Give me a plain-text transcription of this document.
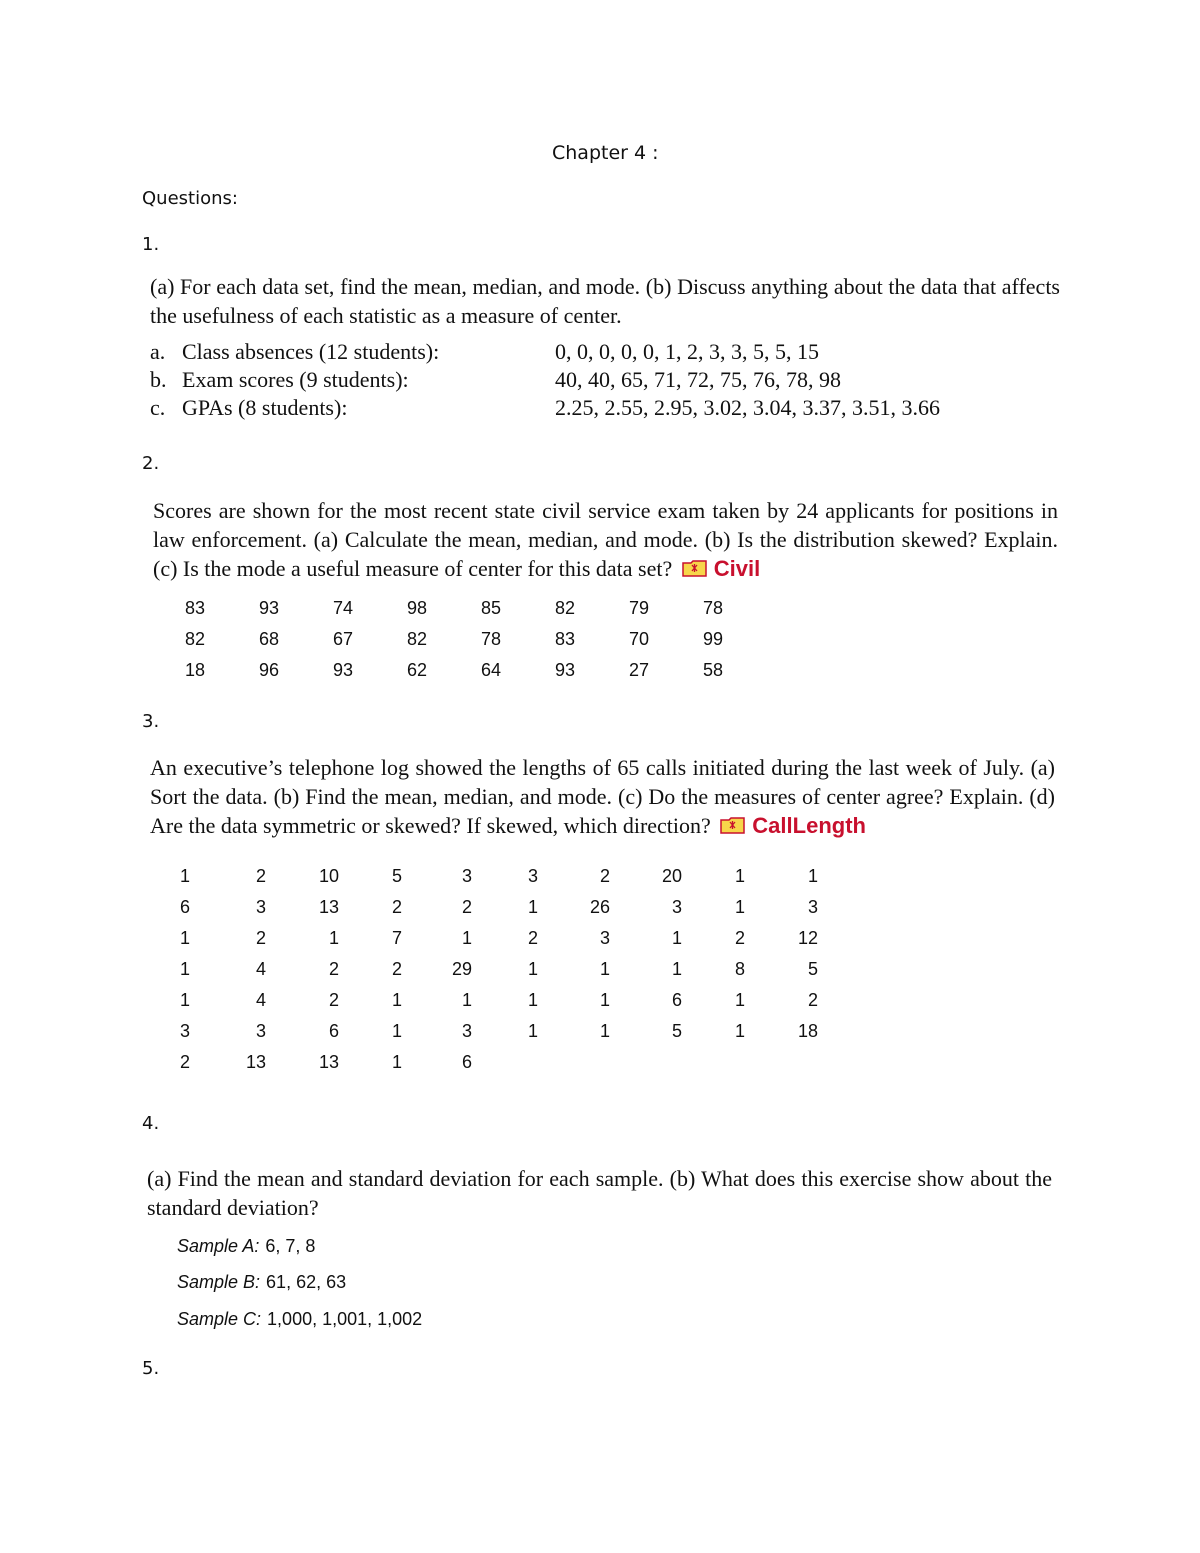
Chapter 4 :
Questions:
1.

(a) For each data set, find the mean, median, and mode. (b) Discuss anything about the data that affects the usefulness of each statistic as a measure of center.

a. Class absences (12 students):	0, 0, 0, 0, 0, 1, 2, 3, 3, 5, 5, 15
b. Exam scores (9 students):	40, 40, 65, 71, 72, 75, 76, 78, 98
c. GPAs (8 students):	2.25, 2.55, 2.95, 3.02, 3.04, 3.37, 3.51, 3.66
2.

Scores are shown for the most recent state civil service exam taken by 24 applicants for positions in law enforcement. (a) Calculate the mean, median, and mode. (b) Is the distribution skewed? Explain. (c) Is the mode a useful measure of center for this data set? Civil

83	93	74	98	85	82	79	78
82	68	67	82	78	83	70	99
18	96	93	62	64	93	27	58
3.

An executive’s telephone log showed the lengths of 65 calls initiated during the last week of July. (a) Sort the data. (b) Find the mean, median, and mode. (c) Do the measures of center agree? Explain. (d) Are the data symmetric or skewed? If skewed, which direction? CallLength

1	2	10	5	3	3	2	20	1	1
6	3	13	2	2	1	26	3	1	3
1	2	1	7	1	2	3	1	2	12
1	4	2	2	29	1	1	1	8	5
1	4	2	1	1	1	1	6	1	2
3	3	6	1	3	1	1	5	1	18
2	13	13	1	6
4.

(a) Find the mean and standard deviation for each sample. (b) What does this exercise show about the standard deviation?

Sample A: 6, 7, 8
Sample B: 61, 62, 63
Sample C: 1,000, 1,001, 1,002
5.
